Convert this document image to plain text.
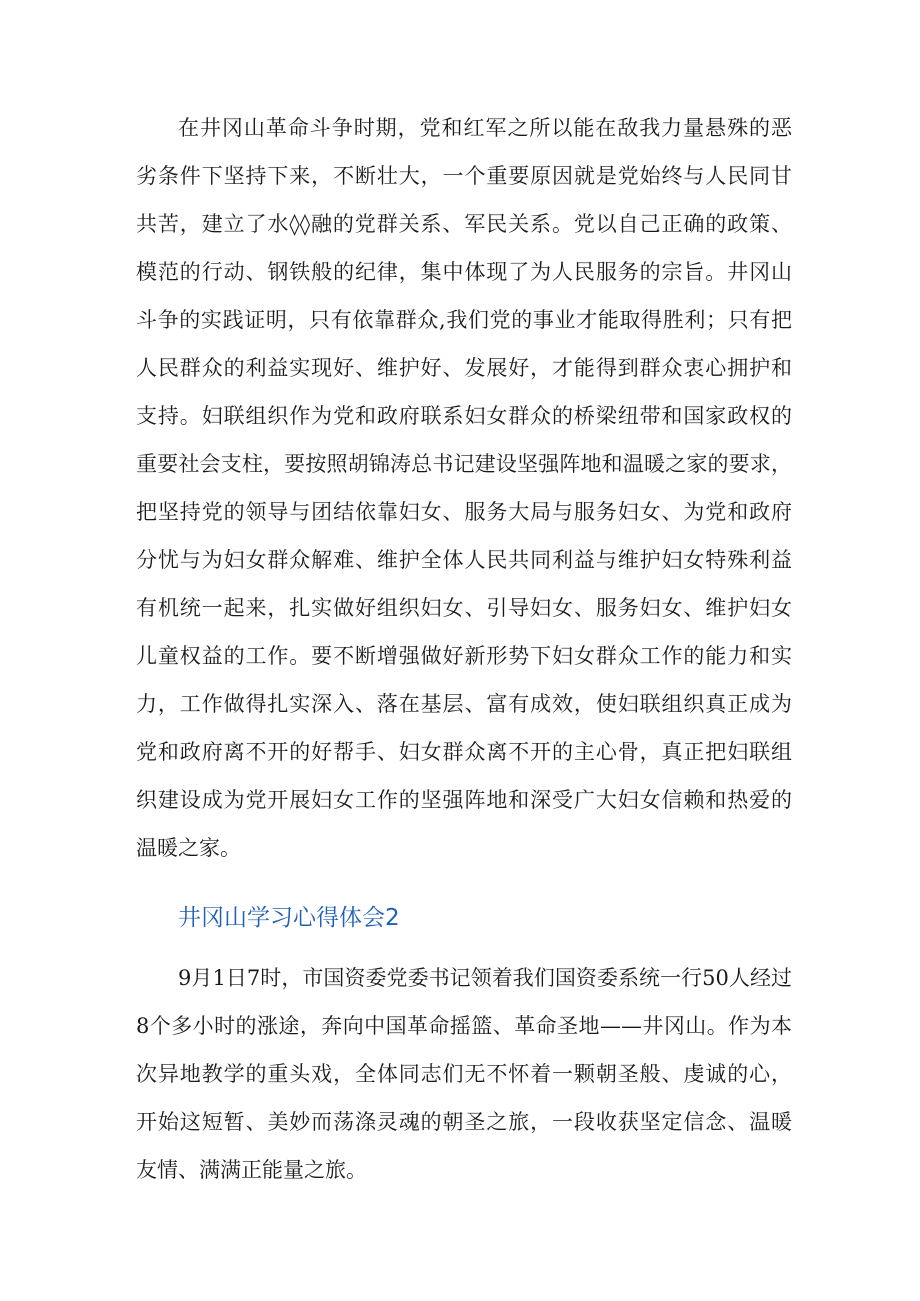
在井冈山革命斗争时期，党和红军之所以能在敌我力量悬殊的恶
劣条件下坚持下来，不断壮大，一个重要原因就是党始终与人民同甘
共苦，建立了水◊◊融的党群关系、军民关系。党以自己正确的政策、
模范的行动、钢铁般的纪律，集中体现了为人民服务的宗旨。井冈山
斗争的实践证明，只有依靠群众,我们党的事业才能取得胜利；只有把
人民群众的利益实现好、维护好、发展好，才能得到群众衷心拥护和
支持。妇联组织作为党和政府联系妇女群众的桥梁纽带和国家政权的
重要社会支柱，要按照胡锦涛总书记建设坚强阵地和温暖之家的要求，
把坚持党的领导与团结依靠妇女、服务大局与服务妇女、为党和政府
分忧与为妇女群众解难、维护全体人民共同利益与维护妇女特殊利益
有机统一起来，扎实做好组织妇女、引导妇女、服务妇女、维护妇女
儿童权益的工作。要不断增强做好新形势下妇女群众工作的能力和实
力，工作做得扎实深入、落在基层、富有成效，使妇联组织真正成为
党和政府离不开的好帮手、妇女群众离不开的主心骨，真正把妇联组
织建设成为党开展妇女工作的坚强阵地和深受广大妇女信赖和热爱的
温暖之家。

井冈山学习心得体会2

9月1日7时，市国资委党委书记领着我们国资委系统一行50人经过
8个多小时的涨途，奔向中国革命摇篮、革命圣地——井冈山。作为本
次异地教学的重头戏，全体同志们无不怀着一颗朝圣般、虔诚的心，
开始这短暂、美妙而荡涤灵魂的朝圣之旅，一段收获坚定信念、温暖
友情、满满正能量之旅。
